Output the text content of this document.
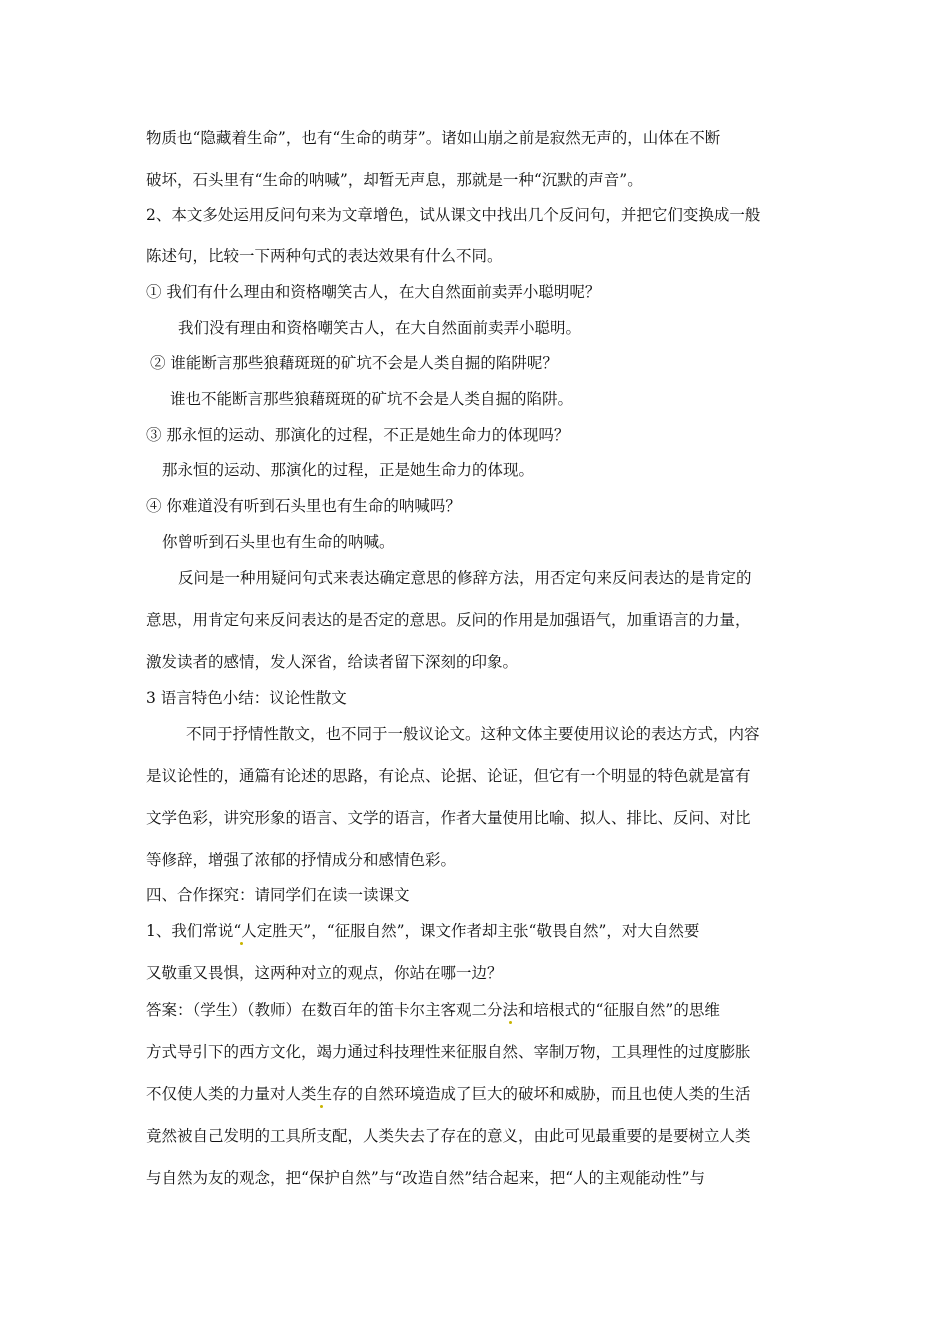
物质也“隐藏着生命”，也有“生命的萌芽”。诸如山崩之前是寂然无声的，山体在不断
破坏，石头里有“生命的呐喊”，却暂无声息，那就是一种“沉默的声音”。
2、本文多处运用反问句来为文章增色，试从课文中找出几个反问句，并把它们变换成一般
陈述句，比较一下两种句式的表达效果有什么不同。
① 我们有什么理由和资格嘲笑古人，在大自然面前卖弄小聪明呢？
我们没有理由和资格嘲笑古人，在大自然面前卖弄小聪明。
② 谁能断言那些狼藉斑斑的矿坑不会是人类自掘的陷阱呢？
谁也不能断言那些狼藉斑斑的矿坑不会是人类自掘的陷阱。
③ 那永恒的运动、那演化的过程，不正是她生命力的体现吗？
那永恒的运动、那演化的过程，正是她生命力的体现。
④ 你难道没有听到石头里也有生命的呐喊吗？
你曾听到石头里也有生命的呐喊。
反问是一种用疑问句式来表达确定意思的修辞方法，用否定句来反问表达的是肯定的
意思，用肯定句来反问表达的是否定的意思。反问的作用是加强语气，加重语言的力量，
激发读者的感情，发人深省，给读者留下深刻的印象。
3 语言特色小结：议论性散文
不同于抒情性散文，也不同于一般议论文。这种文体主要使用议论的表达方式，内容
是议论性的，通篇有论述的思路，有论点、论据、论证，但它有一个明显的特色就是富有
文学色彩，讲究形象的语言、文学的语言，作者大量使用比喻、拟人、排比、反问、对比
等修辞，增强了浓郁的抒情成分和感情色彩。
四、合作探究：请同学们在读一读课文
1、我们常说“人定胜天”，“征服自然”，课文作者却主张“敬畏自然”，对大自然要
又敬重又畏惧，这两种对立的观点，你站在哪一边？
答案：（学生）（教师）在数百年的笛卡尔主客观二分法和培根式的“征服自然”的思维
方式导引下的西方文化，竭力通过科技理性来征服自然、宰制万物，工具理性的过度膨胀
不仅使人类的力量对人类生存的自然环境造成了巨大的破坏和威胁，而且也使人类的生活
竟然被自己发明的工具所支配，人类失去了存在的意义，由此可见最重要的是要树立人类
与自然为友的观念，把“保护自然”与“改造自然”结合起来，把“人的主观能动性”与
